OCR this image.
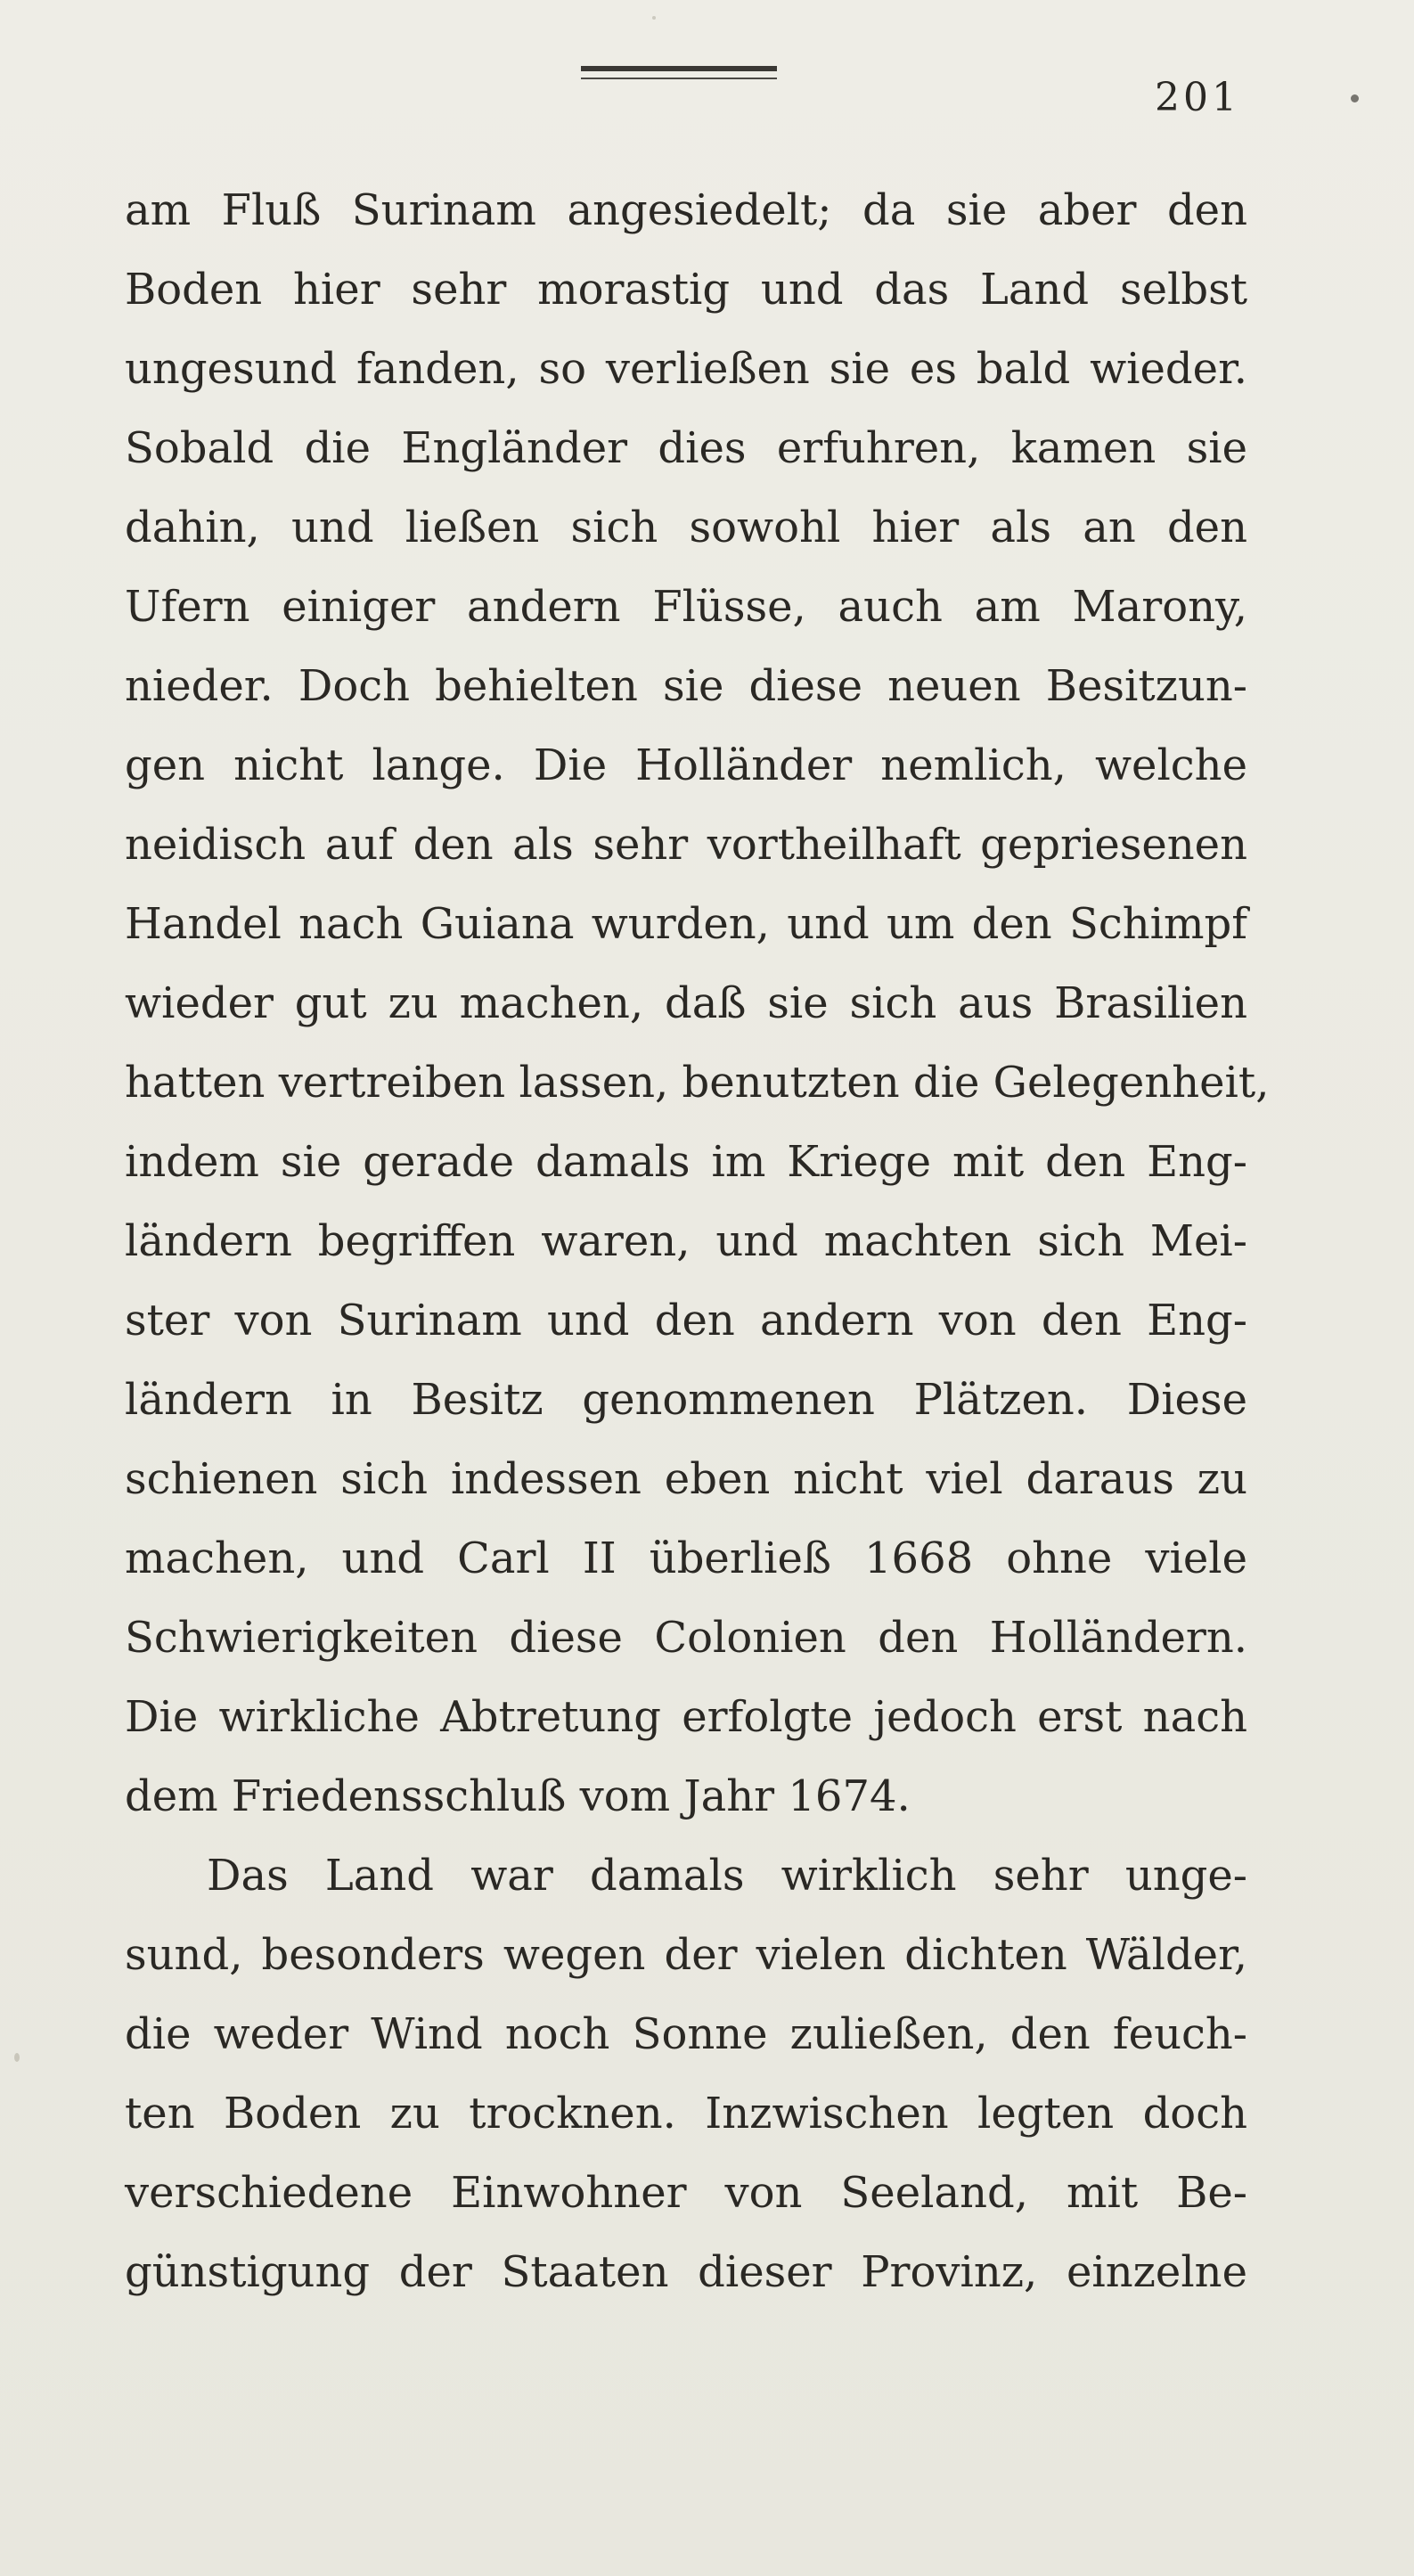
201
am Fluß Surinam angesiedelt; da sie aber den
Boden hier sehr morastig und das Land selbst
ungesund fanden, so verließen sie es bald wieder.
Sobald die Engländer dies erfuhren, kamen sie
dahin, und ließen sich sowohl hier als an den
Ufern einiger andern Flüsse, auch am Marony,
nieder. Doch behielten sie diese neuen Besitzun-
gen nicht lange. Die Holländer nemlich, welche
neidisch auf den als sehr vortheilhaft gepriesenen
Handel nach Guiana wurden, und um den Schimpf
wieder gut zu machen, daß sie sich aus Brasilien
hatten vertreiben lassen, benutzten die Gelegenheit,
indem sie gerade damals im Kriege mit den Eng-
ländern begriffen waren, und machten sich Mei-
ster von Surinam und den andern von den Eng-
ländern in Besitz genommenen Plätzen. Diese
schienen sich indessen eben nicht viel daraus zu
machen, und Carl II überließ 1668 ohne viele
Schwierigkeiten diese Colonien den Holländern.
Die wirkliche Abtretung erfolgte jedoch erst nach
dem Friedensschluß vom Jahr 1674.
Das Land war damals wirklich sehr unge-
sund, besonders wegen der vielen dichten Wälder,
die weder Wind noch Sonne zuließen, den feuch-
ten Boden zu trocknen. Inzwischen legten doch
verschiedene Einwohner von Seeland, mit Be-
günstigung der Staaten dieser Provinz, einzelne
